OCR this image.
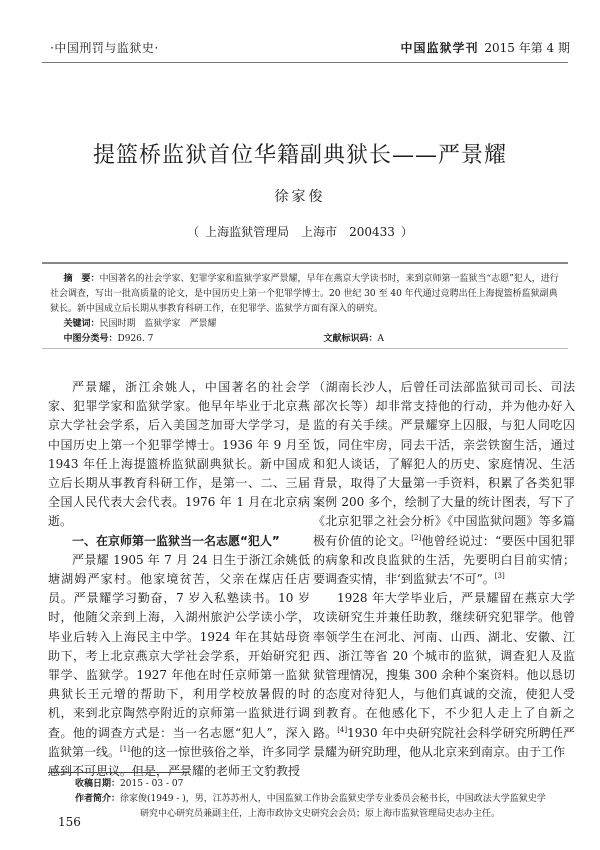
·中国刑罚与监狱史·	中国监狱学刊 2015 年第 4 期
提篮桥监狱首位华籍副典狱长——严景耀
徐家俊
（ 上海监狱管理局 上海市 200433 ）

摘　要：中国著名的社会学家、犯罪学家和监狱学家严景耀，早年在燕京大学读书时，来到京师第一监狱当“志愿”犯人，进行社会调查，写出一批高质量的论文，是中国历史上第一个犯罪学博士。20 世纪 30 至 40 年代通过竞聘出任上海提篮桥监狱副典狱长。新中国成立后长期从事教育科研工作，在犯罪学、监狱学方面有深入的研究。

关键词： 民国时期　监狱学家　严景耀
中图分类号：D926. 7	文献标识码：A

严景耀，浙江余姚人，中国著名的社会学家、犯罪学家和监狱学家。他早年毕业于北京燕京大学社会学系，后入美国芝加哥大学学习，是中国历史上第一个犯罪学博士。1936 年 9 月至 1943 年任上海提篮桥监狱副典狱长。新中国成立后长期从事教育科研工作，是第一、二、三届全国人民代表大会代表。1976 年 1 月在北京病逝。

一、在京师第一监狱当一名志愿“犯人”

严景耀 1905 年 7 月 24 日生于浙江余姚低塘湖姆严家村。他家境贫苦，父亲在煤店任店员。严景耀学习勤奋，7 岁入私塾读书。10 岁时，他随父亲到上海，入湖州旅沪公学读小学，毕业后转入上海民主中学。1924 年在其姑母资助下，考上北京燕京大学社会学系，开始研究犯罪学、监狱学。1927 年他在时任京师第一监狱典狱长王元增的帮助下，利用学校放暑假的时机，来到北京陶然亭附近的京师第一监狱进行调查。他的调查方式是：当一名志愿“犯人”，深入监狱第一线。[1]他的这一惊世骇俗之举，许多同学感到不可思议。但是，严景耀的老师王文豹教授

（湖南长沙人，后曾任司法部监狱司司长、司法部次长等）却非常支持他的行动，并为他办好入监的有关手续。严景耀穿上囚服，与犯人同吃囚饭，同住牢房，同去干活，亲尝铁窗生活，通过和犯人谈话，了解犯人的历史、家庭情况、生活背景，取得了大量第一手资料，积累了各类犯罪案例 200 多个，绘制了大量的统计图表，写下了《北京犯罪之社会分析》《中国监狱问题》等多篇极有价值的论文。[2]他曾经说过：“要医中国犯罪的病象和改良监狱的生活，先要明白目前实情；要调查实情，非‘到监狱去’不可”。[3]

1928 年大学毕业后，严景耀留在燕京大学攻读研究生并兼任助教，继续研究犯罪学。他曾率领学生在河北、河南、山西、湖北、安徽、江西、浙江等省 20 个城市的监狱，调查犯人及监狱管理情况，搜集 300 余种个案资料。他以恳切的态度对待犯人，与他们真诚的交流，使犯人受到教育。在他感化下，不少犯人走上了自新之路。[4]1930 年中央研究院社会科学研究所聘任严景耀为研究助理，他从北京来到南京。由于工作

收稿日期： 2015 - 03 - 07
作者简介： 徐家俊(1949 - )，男，江苏苏州人，中国监狱工作协会监狱史学专业委员会秘书长，中国政法大学监狱史学
研究中心研究员兼副主任，上海市政协文史研究会会员；原上海市监狱管理局史志办主任。
156
